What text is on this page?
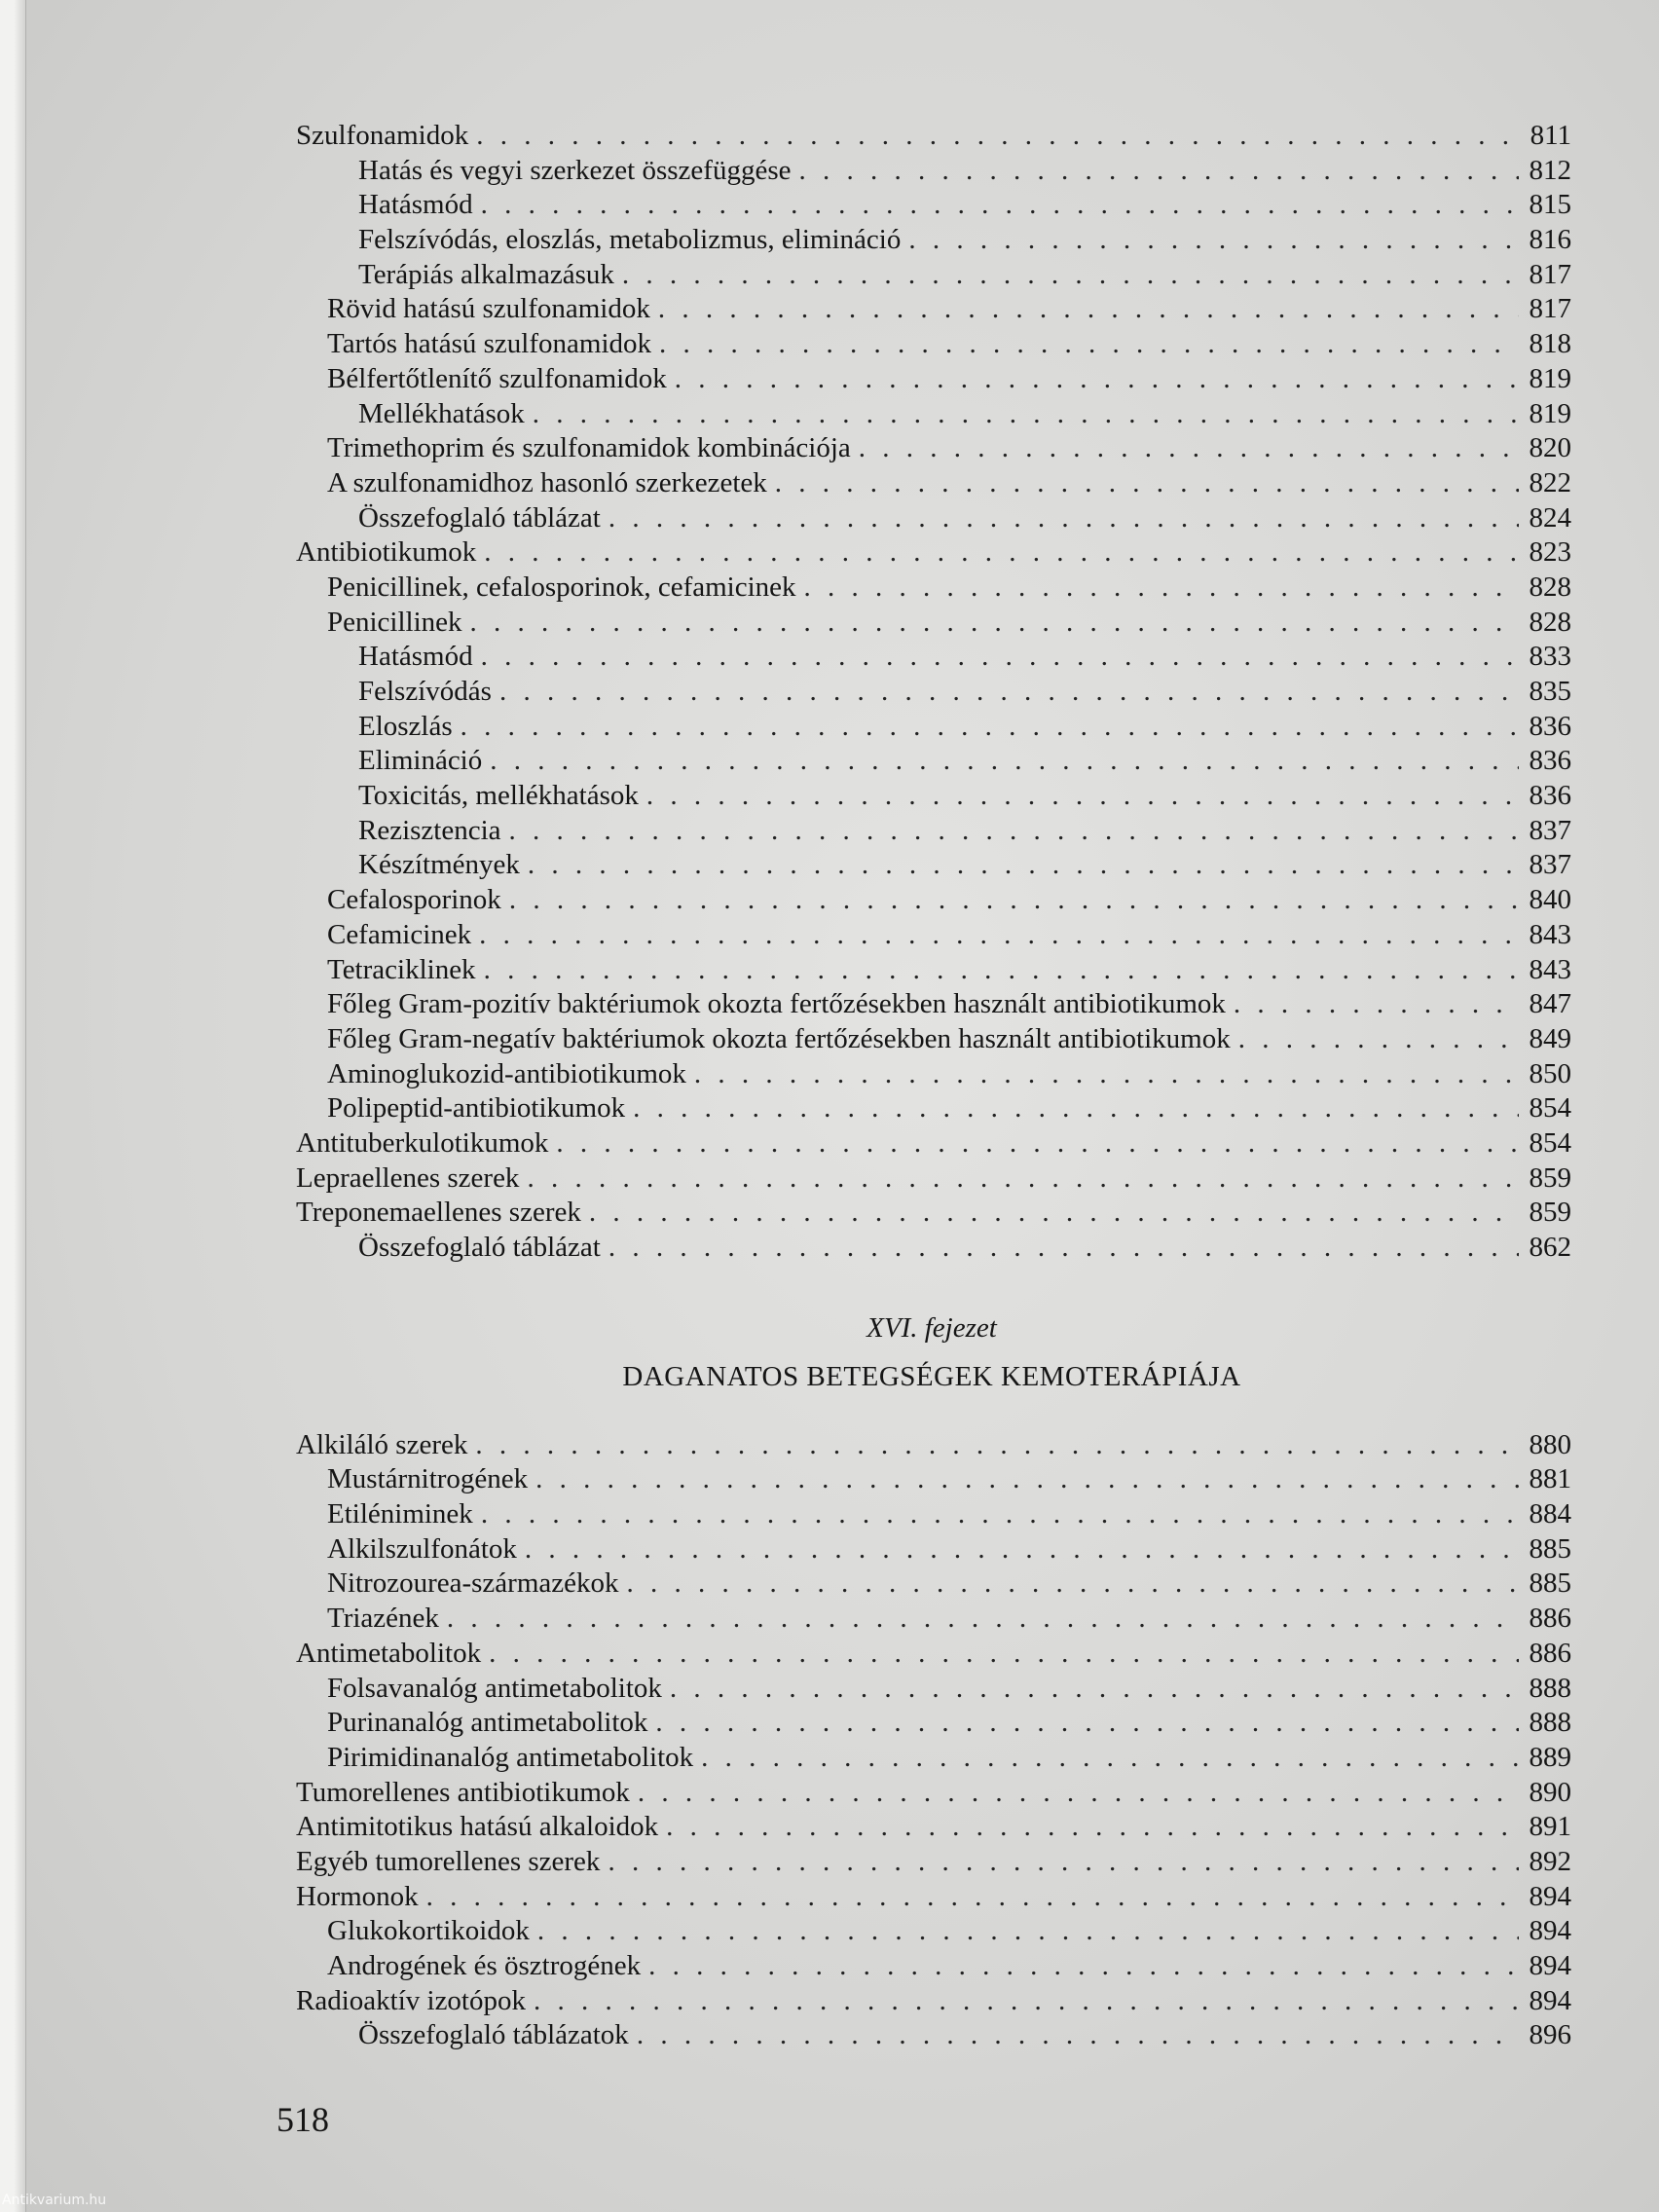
Szulfonamidok . . .	811
Hatás és vegyi szerkezet összefüggése . . .	812
Hatásmód . . .	815
Felszívódás, eloszlás, metabolizmus, elimináció . . .	816
Terápiás alkalmazásuk . . .	817
Rövid hatású szulfonamidok . . .	817
Tartós hatású szulfonamidok . . .	818
Bélfertőtlenítő szulfonamidok . . .	819
Mellékhatások . . .	819
Trimethoprim és szulfonamidok kombinációja . . .	820
A szulfonamidhoz hasonló szerkezetek . . .	822
Összefoglaló táblázat . . .	824
Antibiotikumok . . .	823
Penicillinek, cefalosporinok, cefamicinek . . .	828
Penicillinek . . .	828
Hatásmód . . .	833
Felszívódás . . .	835
Eloszlás . . .	836
Elimináció . . .	836
Toxicitás, mellékhatások . . .	836
Rezisztencia . . .	837
Készítmények . . .	837
Cefalosporinok . . .	840
Cefamicinek . . .	843
Tetraciklinek . . .	843
Főleg Gram-pozitív baktériumok okozta fertőzésekben használt antibiotikumok . . .	847
Főleg Gram-negatív baktériumok okozta fertőzésekben használt antibiotikumok . . .	849
Aminoglukozid-antibiotikumok . . .	850
Polipeptid-antibiotikumok . . .	854
Antituberkulotikumok . . .	854
Lepraellenes szerek . . .	859
Treponemaellenes szerek . . .	859
Összefoglaló táblázat . . .	862
XVI. fejezet
DAGANATOS BETEGSÉGEK KEMOTERÁPIÁJA
Alkiláló szerek . . .	880
Mustárnitrogének . . .	881
Etiléniminek . . .	884
Alkilszulfonátok . . .	885
Nitrozourea-származékok . . .	885
Triazének . . .	886
Antimetabolitok . . .	886
Folsavanalóg antimetabolitok . . .	888
Purinanalóg antimetabolitok . . .	888
Pirimidinanalóg antimetabolitok . . .	889
Tumorellenes antibiotikumok . . .	890
Antimitotikus hatású alkaloidok . . .	891
Egyéb tumorellenes szerek . . .	892
Hormonok . . .	894
Glukokortikoidok . . .	894
Androgének és ösztrogének . . .	894
Radioaktív izotópok . . .	894
Összefoglaló táblázatok . . .	896
518
Antikvarium.hu
